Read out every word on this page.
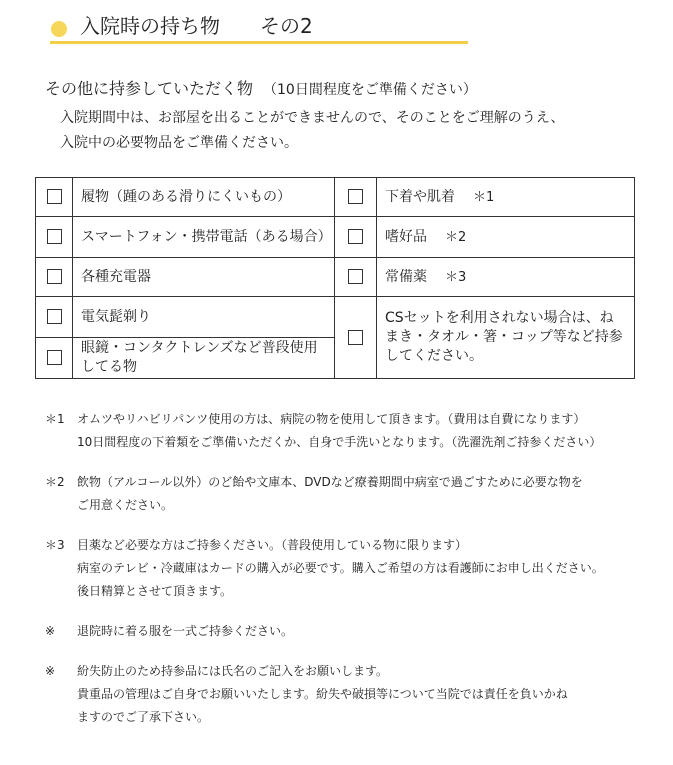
入院時の持ち物　　その2
その他に持参していただく物 （10日間程度をご準備ください）
入院期間中は、お部屋を出ることができませんので、そのことをご理解のうえ、
入院中の必要物品をご準備ください。
	履物（踵のある滑りにくいもの）		下着や肌着 ＊1
	スマートフォン・携帯電話（ある場合）		嗜好品 ＊2
	各種充電器		常備薬 ＊3
	電気髭剃り		CSセットを利用されない場合は、ねまき・タオル・箸・コップ等など持参してください。
	眼鏡・コンタクトレンズなど普段使用してる物		
＊1	オムツやリハビリパンツ使用の方は、病院の物を使用して頂きます。（費用は自費になります）
10日間程度の下着類をご準備いただくか、自身で手洗いとなります。（洗濯洗剤ご持参ください）
＊2	飲物（アルコール以外）のど飴や文庫本、DVDなど療養期間中病室で過ごすために必要な物を
ご用意ください。
＊3	目薬など必要な方はご持参ください。（普段使用している物に限ります）
病室のテレビ・冷蔵庫はカードの購入が必要です。購入ご希望の方は看護師にお申し出ください。
後日精算とさせて頂きます。
※	退院時に着る服を一式ご持参ください。
※	紛失防止のため持参品には氏名のご記入をお願いします。
貴重品の管理はご自身でお願いいたします。紛失や破損等について当院では責任を負いかね
ますのでご了承下さい。
